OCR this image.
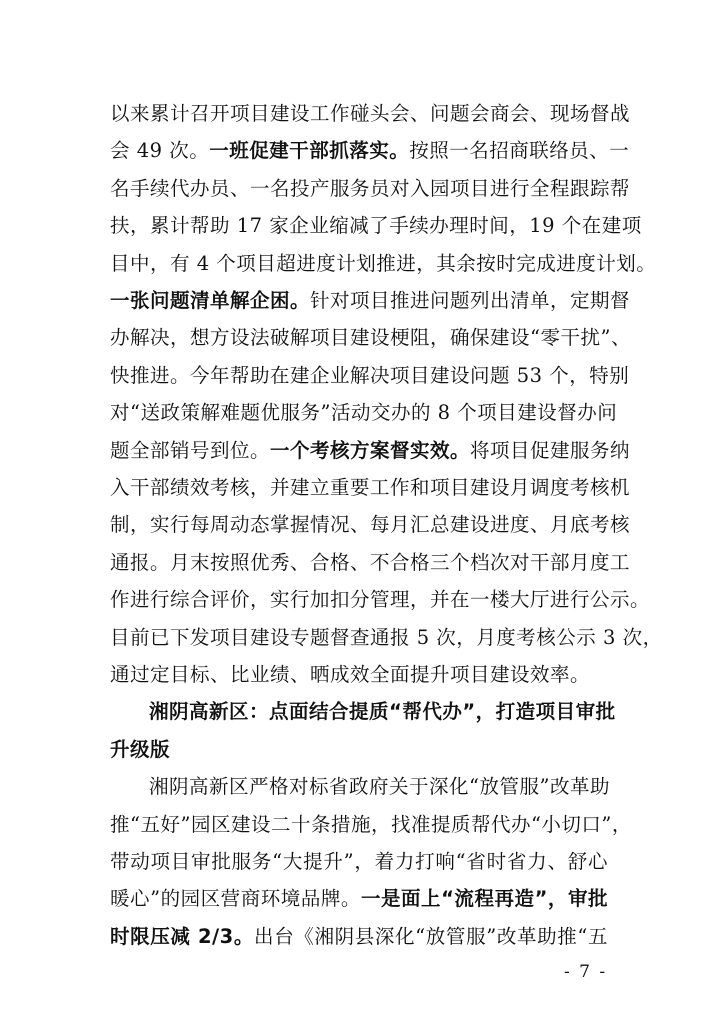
以来累计召开项目建设工作碰头会、问题会商会、现场督战
会 49 次。一班促建干部抓落实。按照一名招商联络员、一
名手续代办员、一名投产服务员对入园项目进行全程跟踪帮
扶，累计帮助 17 家企业缩减了手续办理时间，19 个在建项
目中，有 4 个项目超进度计划推进，其余按时完成进度计划。
一张问题清单解企困。针对项目推进问题列出清单，定期督
办解决，想方设法破解项目建设梗阻，确保建设“零干扰”、
快推进。今年帮助在建企业解决项目建设问题 53 个，特别
对“送政策解难题优服务”活动交办的 8 个项目建设督办问
题全部销号到位。一个考核方案督实效。将项目促建服务纳
入干部绩效考核，并建立重要工作和项目建设月调度考核机
制，实行每周动态掌握情况、每月汇总建设进度、月底考核
通报。月末按照优秀、合格、不合格三个档次对干部月度工
作进行综合评价，实行加扣分管理，并在一楼大厅进行公示。
目前已下发项目建设专题督查通报 5 次，月度考核公示 3 次，
通过定目标、比业绩、晒成效全面提升项目建设效率。
湘阴高新区：点面结合提质“帮代办”，打造项目审批
升级版
湘阴高新区严格对标省政府关于深化“放管服”改革助
推“五好”园区建设二十条措施，找准提质帮代办“小切口”，
带动项目审批服务“大提升”，着力打响“省时省力、舒心
暖心”的园区营商环境品牌。一是面上“流程再造”，审批
时限压减 2/3。出台《湘阴县深化“放管服”改革助推“五
- 7 -
